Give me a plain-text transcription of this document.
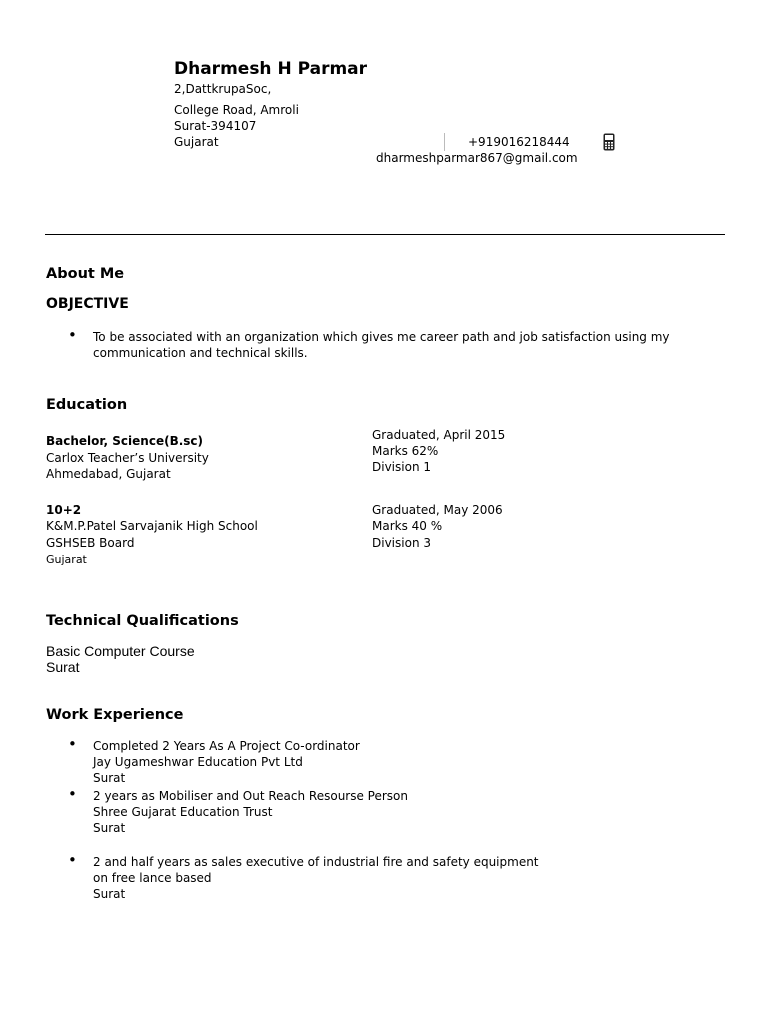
Dharmesh H Parmar
2,DattkrupaSoc,
College Road, Amroli
Surat-394107
Gujarat	+919016218444
dharmeshparmar867@gmail.com
About Me
OBJECTIVE
• To be associated with an organization which gives me career path and job satisfaction using my
communication and technical skills.
Education
Bachelor, Science(B.sc)
Carlox Teacher’s University
Ahmedabad, Gujarat
Graduated, April 2015
Marks 62%
Division 1
10+2
K&M.P.Patel Sarvajanik High School
GSHSEB Board
Gujarat
Graduated, May 2006
Marks 40 %
Division 3
Technical Qualifications
Basic Computer Course
Surat
Work Experience
• Completed 2 Years As A Project Co-ordinator
Jay Ugameshwar Education Pvt Ltd
Surat
• 2 years as Mobiliser and Out Reach Resourse Person
Shree Gujarat Education Trust
Surat
• 2 and half years as sales executive of industrial fire and safety equipment
on free lance based
Surat
